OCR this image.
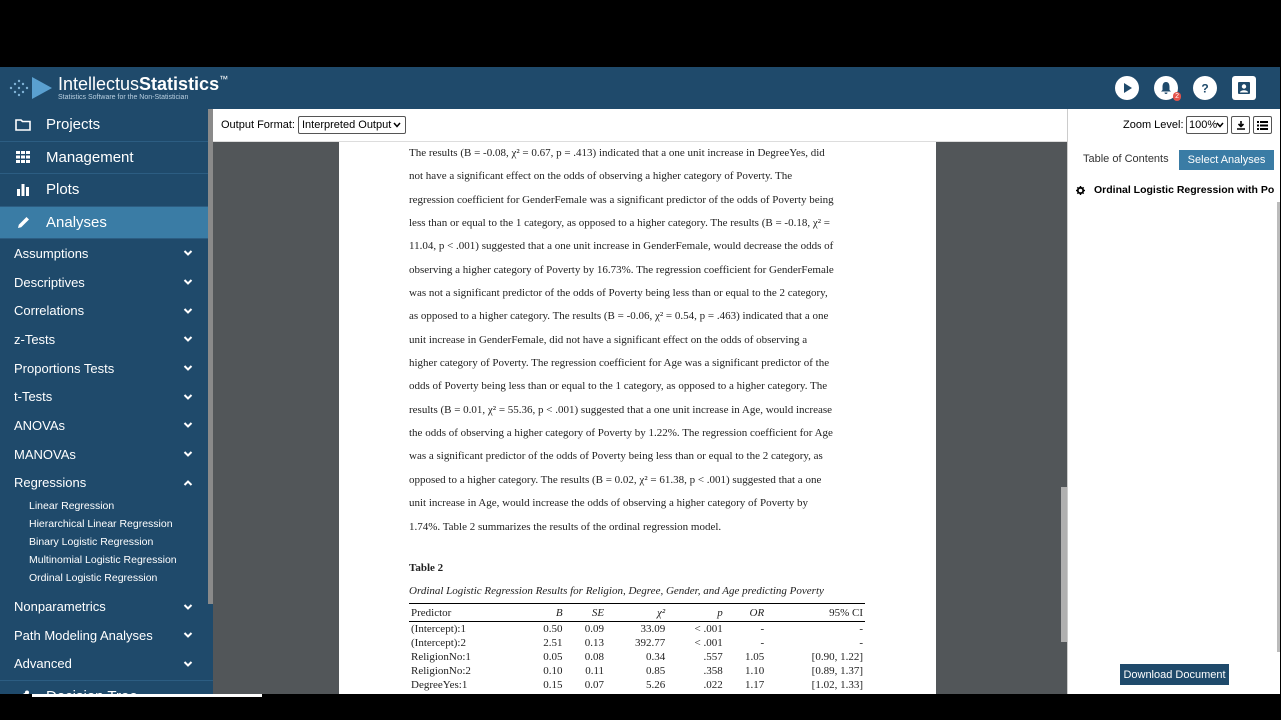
IntellectusStatistics™
Statistics Software for the Non-Statistician	2
?
Projects
Management
Plots
Analyses
Assumptions
Descriptives
Correlations
z-Tests
Proportions Tests
t-Tests
ANOVAs
MANOVAs
Regressions
Linear Regression
Hierarchical Linear Regression
Binary Logistic Regression
Multinomial Logistic Regression
Ordinal Logistic Regression
Nonparametrics
Path Modeling Analyses
Advanced
Output Format: Interpreted Output	Zoom Level: 100%
Table of Contents	Select Analyses
Ordinal Logistic Regression with Po
Download Document
The results (B = -0.08, χ² = 0.67, p = .413) indicated that a one unit increase in DegreeYes, did
not have a significant effect on the odds of observing a higher category of Poverty. The
regression coefficient for GenderFemale was a significant predictor of the odds of Poverty being
less than or equal to the 1 category, as opposed to a higher category. The results (B = -0.18, χ² =
11.04, p < .001) suggested that a one unit increase in GenderFemale, would decrease the odds of
observing a higher category of Poverty by 16.73%. The regression coefficient for GenderFemale
was not a significant predictor of the odds of Poverty being less than or equal to the 2 category,
as opposed to a higher category. The results (B = -0.06, χ² = 0.54, p = .463) indicated that a one
unit increase in GenderFemale, did not have a significant effect on the odds of observing a
higher category of Poverty. The regression coefficient for Age was a significant predictor of the
odds of Poverty being less than or equal to the 1 category, as opposed to a higher category. The
results (B = 0.01, χ² = 55.36, p < .001) suggested that a one unit increase in Age, would increase
the odds of observing a higher category of Poverty by 1.22%. The regression coefficient for Age
was a significant predictor of the odds of Poverty being less than or equal to the 2 category, as
opposed to a higher category. The results (B = 0.02, χ² = 61.38, p < .001) suggested that a one
unit increase in Age, would increase the odds of observing a higher category of Poverty by
1.74%. Table 2 summarizes the results of the ordinal regression model.
Table 2
Ordinal Logistic Regression Results for Religion, Degree, Gender, and Age predicting Poverty
Predictor	B	SE	χ²	p	OR	95% CI
(Intercept):1	0.50	0.09	33.09	< .001	-	-
(Intercept):2	2.51	0.13	392.77	< .001	-	-
ReligionNo:1	0.05	0.08	0.34	.557	1.05	[0.90, 1.22]
ReligionNo:2	0.10	0.11	0.85	.358	1.10	[0.89, 1.37]
DegreeYes:1	0.15	0.07	5.26	.022	1.17	[1.02, 1.33]
